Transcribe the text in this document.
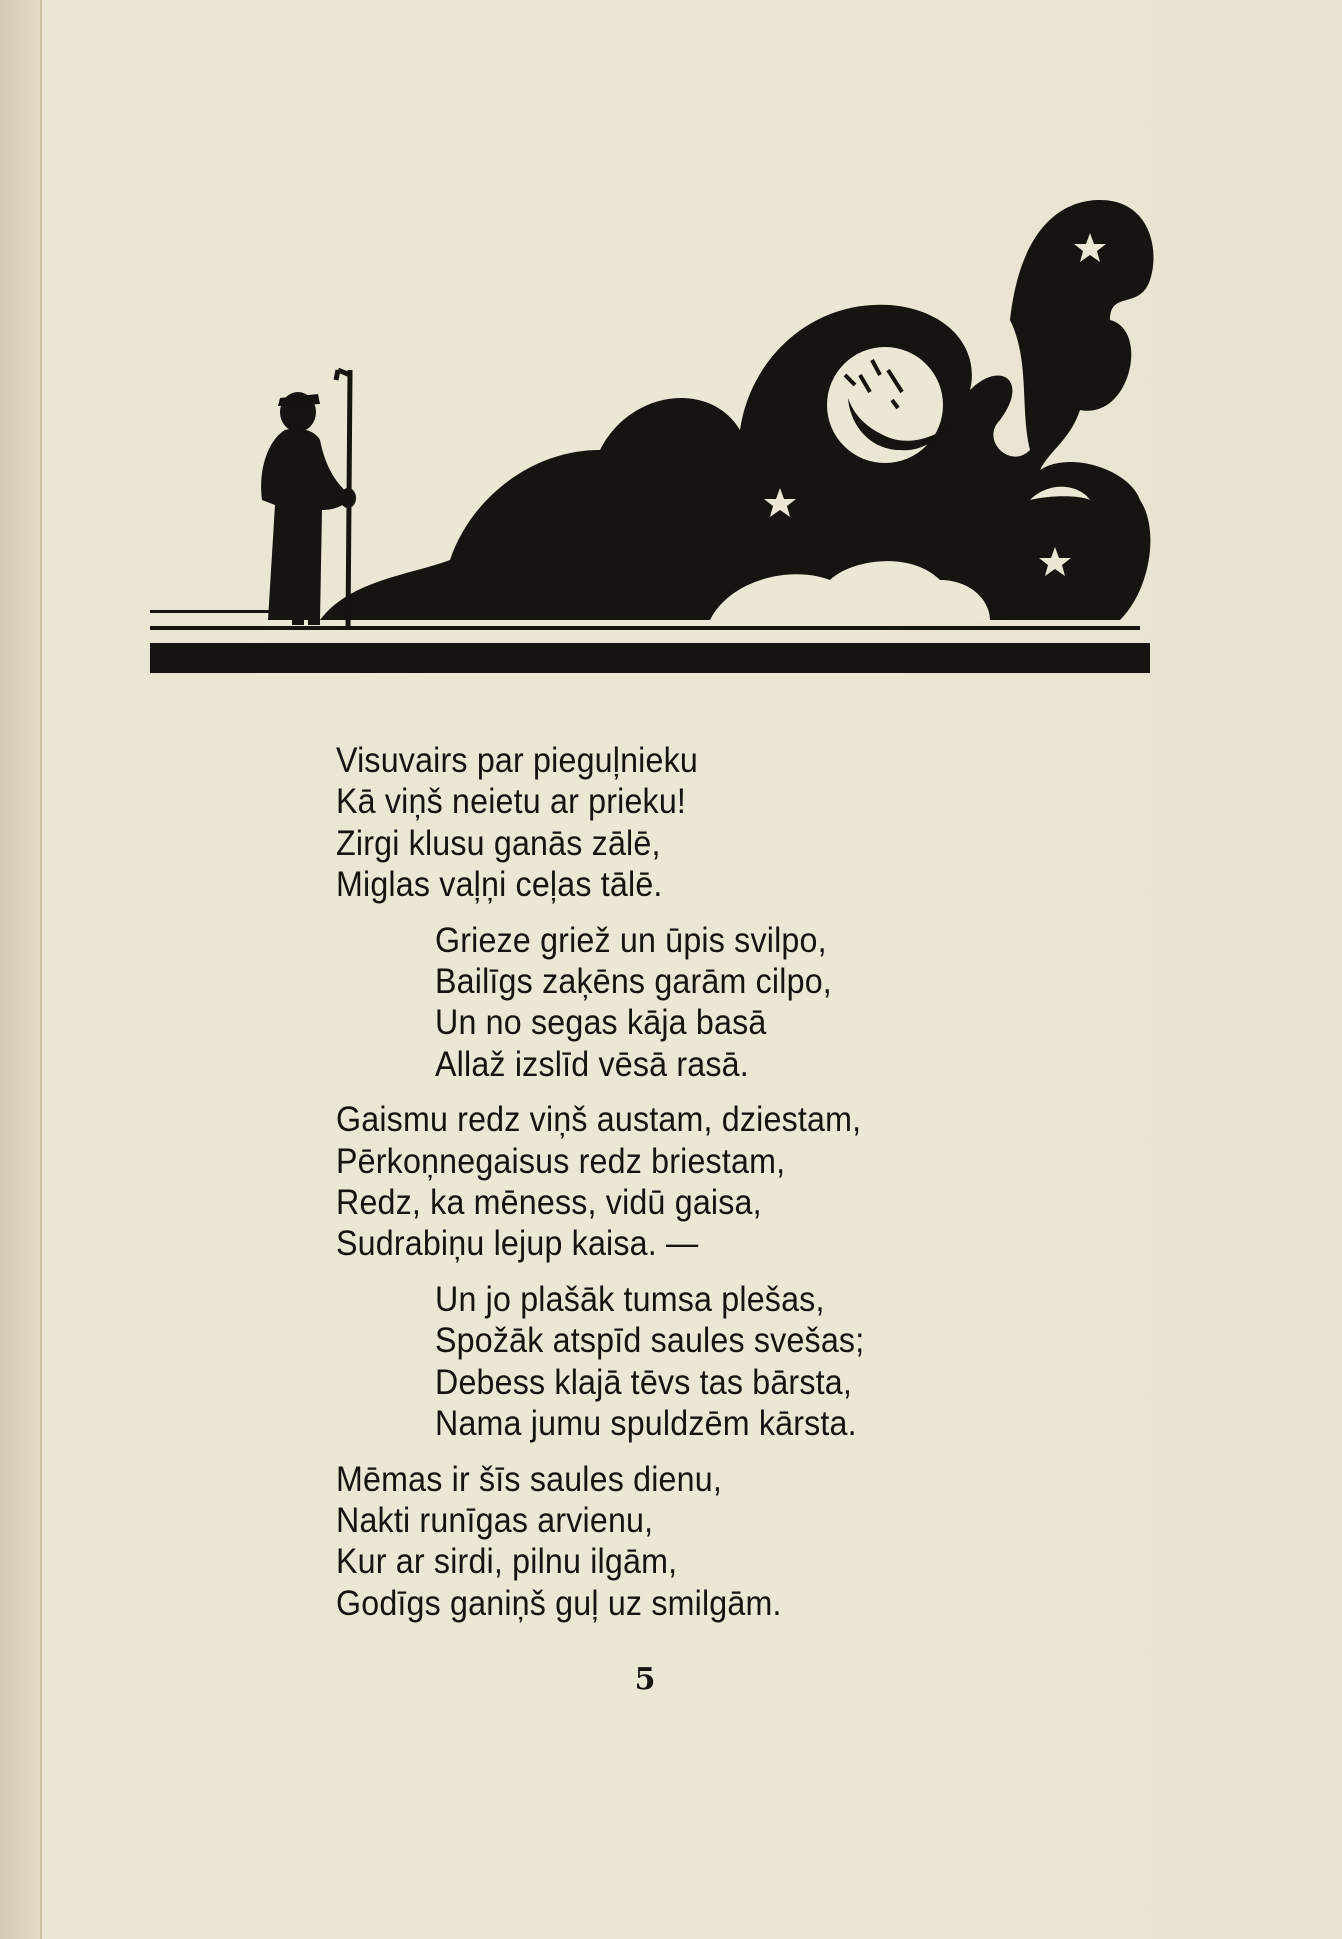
Visuvairs par pieguļnieku
Kā viņš neietu ar prieku!
Zirgi klusu ganās zālē,
Miglas vaļņi ceļas tālē.
Grieze griež un ūpis svilpo,
Bailīgs zaķēns garām cilpo,
Un no segas kāja basā
Allaž izslīd vēsā rasā.
Gaismu redz viņš austam, dziestam,
Pērkoņnegaisus redz briestam,
Redz, ka mēness, vidū gaisa,
Sudrabiņu lejup kaisa. —
Un jo plašāk tumsa plešas,
Spožāk atspīd saules svešas;
Debess klajā tēvs tas bārsta,
Nama jumu spuldzēm kārsta.
Mēmas ir šīs saules dienu,
Nakti runīgas arvienu,
Kur ar sirdi, pilnu ilgām,
Godīgs ganiņš guļ uz smilgām.
5
